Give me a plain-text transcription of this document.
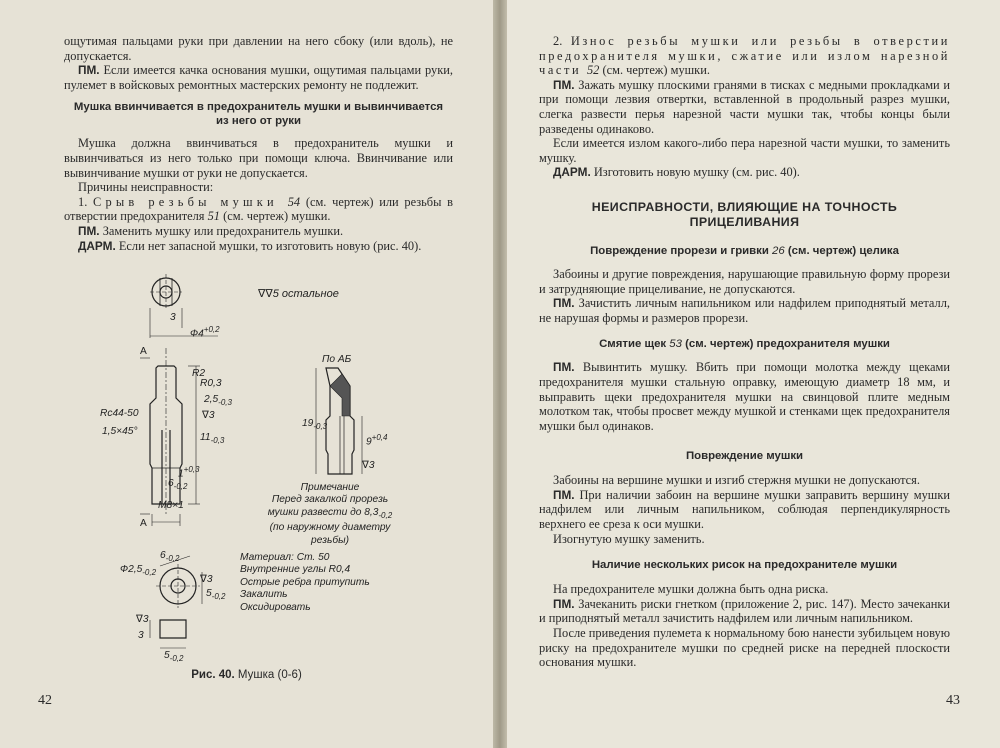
ощутимая пальцами руки при давлении на него сбоку (или вдоль), не допускается.

ПМ. Если имеется качка основания мушки, ощутимая пальцами руки, пулемет в войсковых ремонтных мастерских ремонту не подлежит.

Мушка ввинчивается в предохранитель мушки и вывинчивается

из него от руки

Мушка должна ввинчиваться в предохранитель мушки и вывинчиваться из него только при помощи ключа. Ввинчивание или вывинчивание мушки от руки не допускается.

Причины неисправности:

1. Срыв резьбы мушки 54 (см. чертеж) или резьбы в отверстии предохранителя 51 (см. чертеж) мушки.

ПМ. Заменить мушку или предохранитель мушки.

ДАРМ. Если нет запасной мушки, то изготовить новую (рис. 40).

∇∇5 остальное
$Ф4^{+0,2}$
3
А
А
R2
R0,3
$2,5_{-0,3}$
Rc44-50	∇3
1,5×45°
$11_{-0,3}$
$1^{+0,3}$
$6_{-0,2}$
М8×1
По АБ
$19_{-0,3}$
$9^{+0,4}$
∇3
Примечание
Перед закалкой прорезь
мушки развести до $8,3_{-0,2}$
(по наружному диаметру
резьбы)
$Ф2,5_{-0,2}$
$6_{-0,2}$
∇3
$5_{-0,2}$
∇3
3
$5_{-0,2}$
Материал: Ст. 50
Внутренние углы R0,4
Острые ребра притупить
Закалить
Оксидировать
Рис. 40. Мушка (0-6)
42

2. Износ резьбы мушки или резьбы в отверстии предохранителя мушки, сжатие или излом нарезной части 52 (см. чертеж) мушки.

ПМ. Зажать мушку плоскими гранями в тисках с медными прокладками и при помощи лезвия отвертки, вставленной в продольный разрез мушки, слегка развести перья нарезной части мушки так, чтобы концы были разведены одинаково.

Если имеется излом какого-либо пера нарезной части мушки, то заменить мушку.

ДАРМ. Изготовить новую мушку (см. рис. 40).

НЕИСПРАВНОСТИ, ВЛИЯЮЩИЕ НА ТОЧНОСТЬ

ПРИЦЕЛИВАНИЯ

Повреждение прорези и гривки 26 (см. чертеж) целика

Забоины и другие повреждения, нарушающие правильную форму прорези и затрудняющие прицеливание, не допускаются.

ПМ. Зачистить личным напильником или надфилем приподнятый металл, не нарушая формы и размеров прорези.

Смятие щек 53 (см. чертеж) предохранителя мушки

ПМ. Вывинтить мушку. Вбить при помощи молотка между щеками предохранителя мушки стальную оправку, имеющую диаметр 18 мм, и выправить щеки предохранителя мушки на свинцовой плите медным молотком так, чтобы просвет между мушкой и стенками щек предохранителя мушки был одинаков.

Повреждение мушки

Забоины на вершине мушки и изгиб стержня мушки не допускаются.

ПМ. При наличии забоин на вершине мушки заправить вершину мушки надфилем или личным напильником, соблюдая перпендикулярность верхнего ее среза к оси мушки.

Изогнутую мушку заменить.

Наличие нескольких рисок на предохранителе мушки

На предохранителе мушки должна быть одна риска.

ПМ. Зачеканить риски гнетком (приложение 2, рис. 147). Место зачеканки и приподнятый металл зачистить надфилем или личным напильником.

После приведения пулемета к нормальному бою нанести зубильцем новую риску на предохранителе мушки по средней риске на передней плоскости основания мушки.

43
